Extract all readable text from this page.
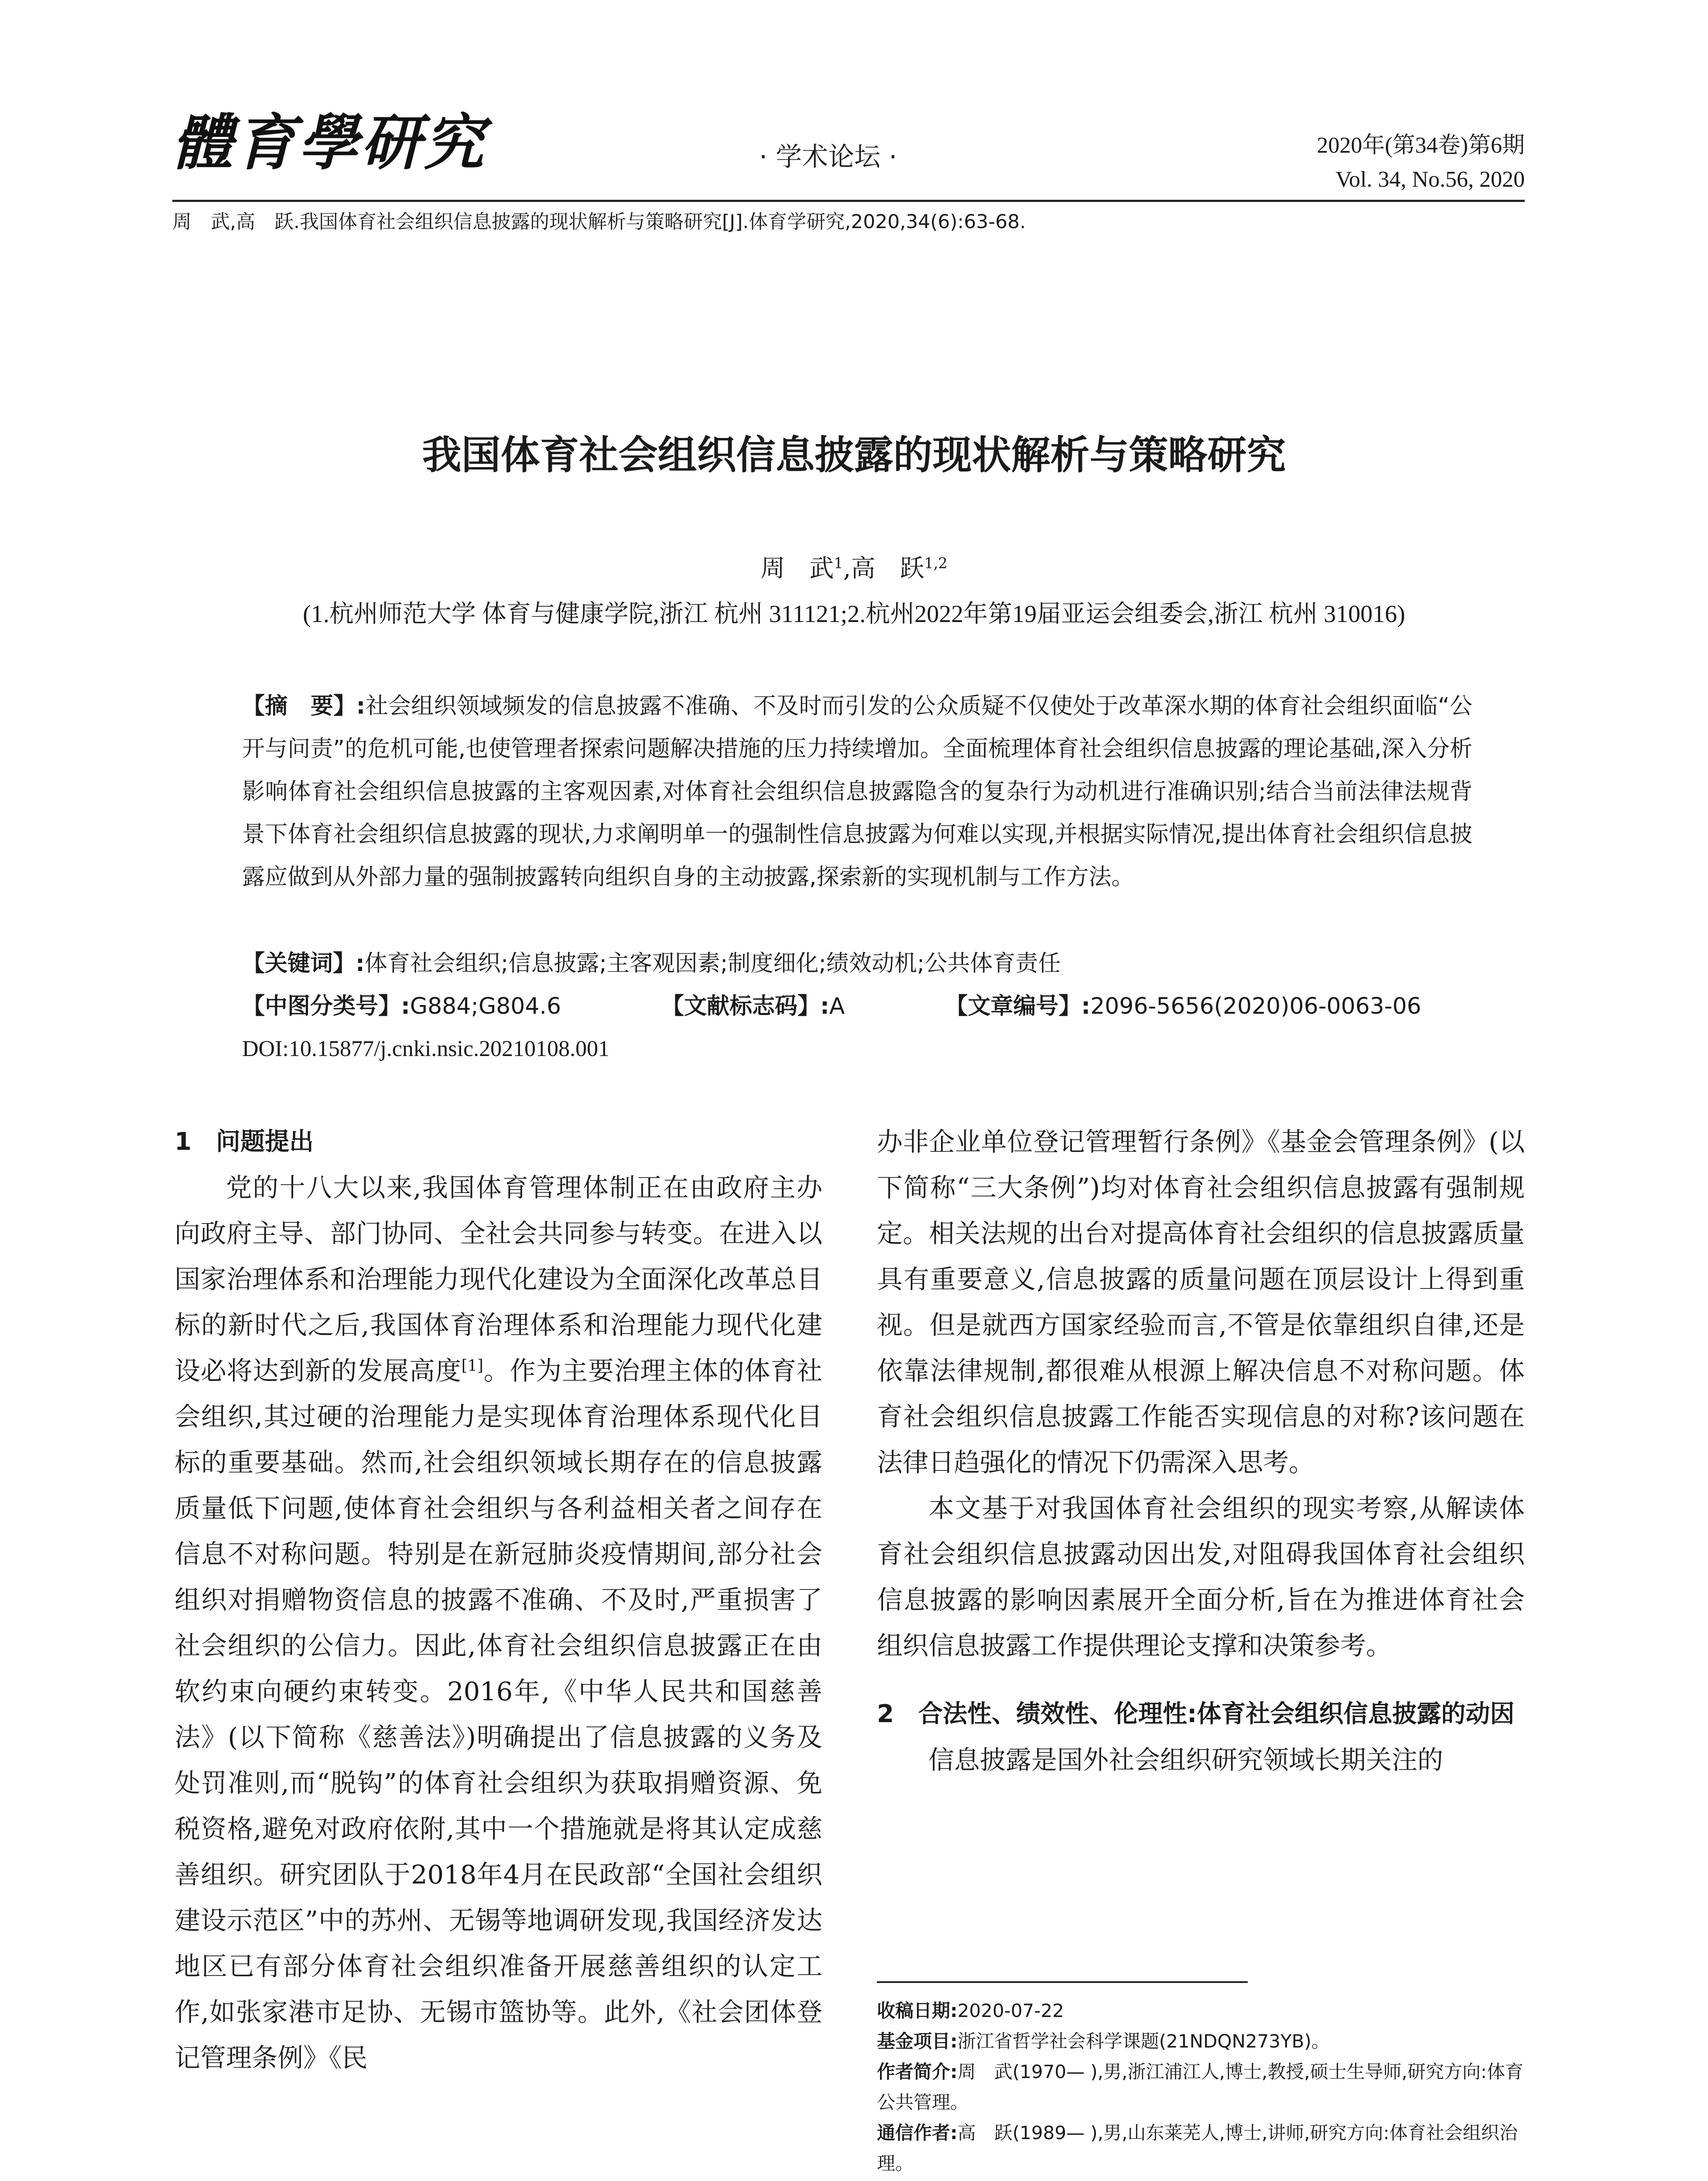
體育學研究	· 学术论坛 ·	2020年(第34卷)第6期
Vol. 34, No.56, 2020
周　武,高　跃.我国体育社会组织信息披露的现状解析与策略研究[J].体育学研究,2020,34(6):63-68.
我国体育社会组织信息披露的现状解析与策略研究
周　武$^1$,高　跃$^{1,2}$
(1.杭州师范大学 体育与健康学院,浙江 杭州 311121;2.杭州2022年第19届亚运会组委会,浙江 杭州 310016)
【摘　要】:社会组织领域频发的信息披露不准确、不及时而引发的公众质疑不仅使处于改革深水期的体育社会组织面临“公开与问责”的危机可能,也使管理者探索问题解决措施的压力持续增加。全面梳理体育社会组织信息披露的理论基础,深入分析影响体育社会组织信息披露的主客观因素,对体育社会组织信息披露隐含的复杂行为动机进行准确识别;结合当前法律法规背景下体育社会组织信息披露的现状,力求阐明单一的强制性信息披露为何难以实现,并根据实际情况,提出体育社会组织信息披露应做到从外部力量的强制披露转向组织自身的主动披露,探索新的实现机制与工作方法。
【关键词】:体育社会组织;信息披露;主客观因素;制度细化;绩效动机;公共体育责任
【中图分类号】:G884;G804.6	【文献标志码】:A	【文章编号】:2096-5656(2020)06-0063-06
DOI:10.15877/j.cnki.nsic.20210108.001
1　问题提出

党的十八大以来,我国体育管理体制正在由政府主办向政府主导、部门协同、全社会共同参与转变。在进入以国家治理体系和治理能力现代化建设为全面深化改革总目标的新时代之后,我国体育治理体系和治理能力现代化建设必将达到新的发展高度[1]。作为主要治理主体的体育社会组织,其过硬的治理能力是实现体育治理体系现代化目标的重要基础。然而,社会组织领域长期存在的信息披露质量低下问题,使体育社会组织与各利益相关者之间存在信息不对称问题。特别是在新冠肺炎疫情期间,部分社会组织对捐赠物资信息的披露不准确、不及时,严重损害了社会组织的公信力。因此,体育社会组织信息披露正在由软约束向硬约束转变。2016年,《中华人民共和国慈善法》(以下简称《慈善法》)明确提出了信息披露的义务及处罚准则,而“脱钩”的体育社会组织为获取捐赠资源、免税资格,避免对政府依附,其中一个措施就是将其认定成慈善组织。研究团队于2018年4月在民政部“全国社会组织建设示范区”中的苏州、无锡等地调研发现,我国经济发达地区已有部分体育社会组织准备开展慈善组织的认定工作,如张家港市足协、无锡市篮协等。此外,《社会团体登记管理条例》《民

办非企业单位登记管理暂行条例》《基金会管理条例》(以下简称“三大条例”)均对体育社会组织信息披露有强制规定。相关法规的出台对提高体育社会组织的信息披露质量具有重要意义,信息披露的质量问题在顶层设计上得到重视。但是就西方国家经验而言,不管是依靠组织自律,还是依靠法律规制,都很难从根源上解决信息不对称问题。体育社会组织信息披露工作能否实现信息的对称?该问题在法律日趋强化的情况下仍需深入思考。

本文基于对我国体育社会组织的现实考察,从解读体育社会组织信息披露动因出发,对阻碍我国体育社会组织信息披露的影响因素展开全面分析,旨在为推进体育社会组织信息披露工作提供理论支撑和决策参考。

2　合法性、绩效性、伦理性:体育社会组织信息披露的动因

信息披露是国外社会组织研究领域长期关注的

收稿日期:2020-07-22
基金项目:浙江省哲学社会科学课题(21NDQN273YB)。
作者简介:周　武(1970— ),男,浙江浦江人,博士,教授,硕士生导师,研究方向:体育公共管理。
通信作者:高　跃(1989— ),男,山东莱芜人,博士,讲师,研究方向:体育社会组织治理。
